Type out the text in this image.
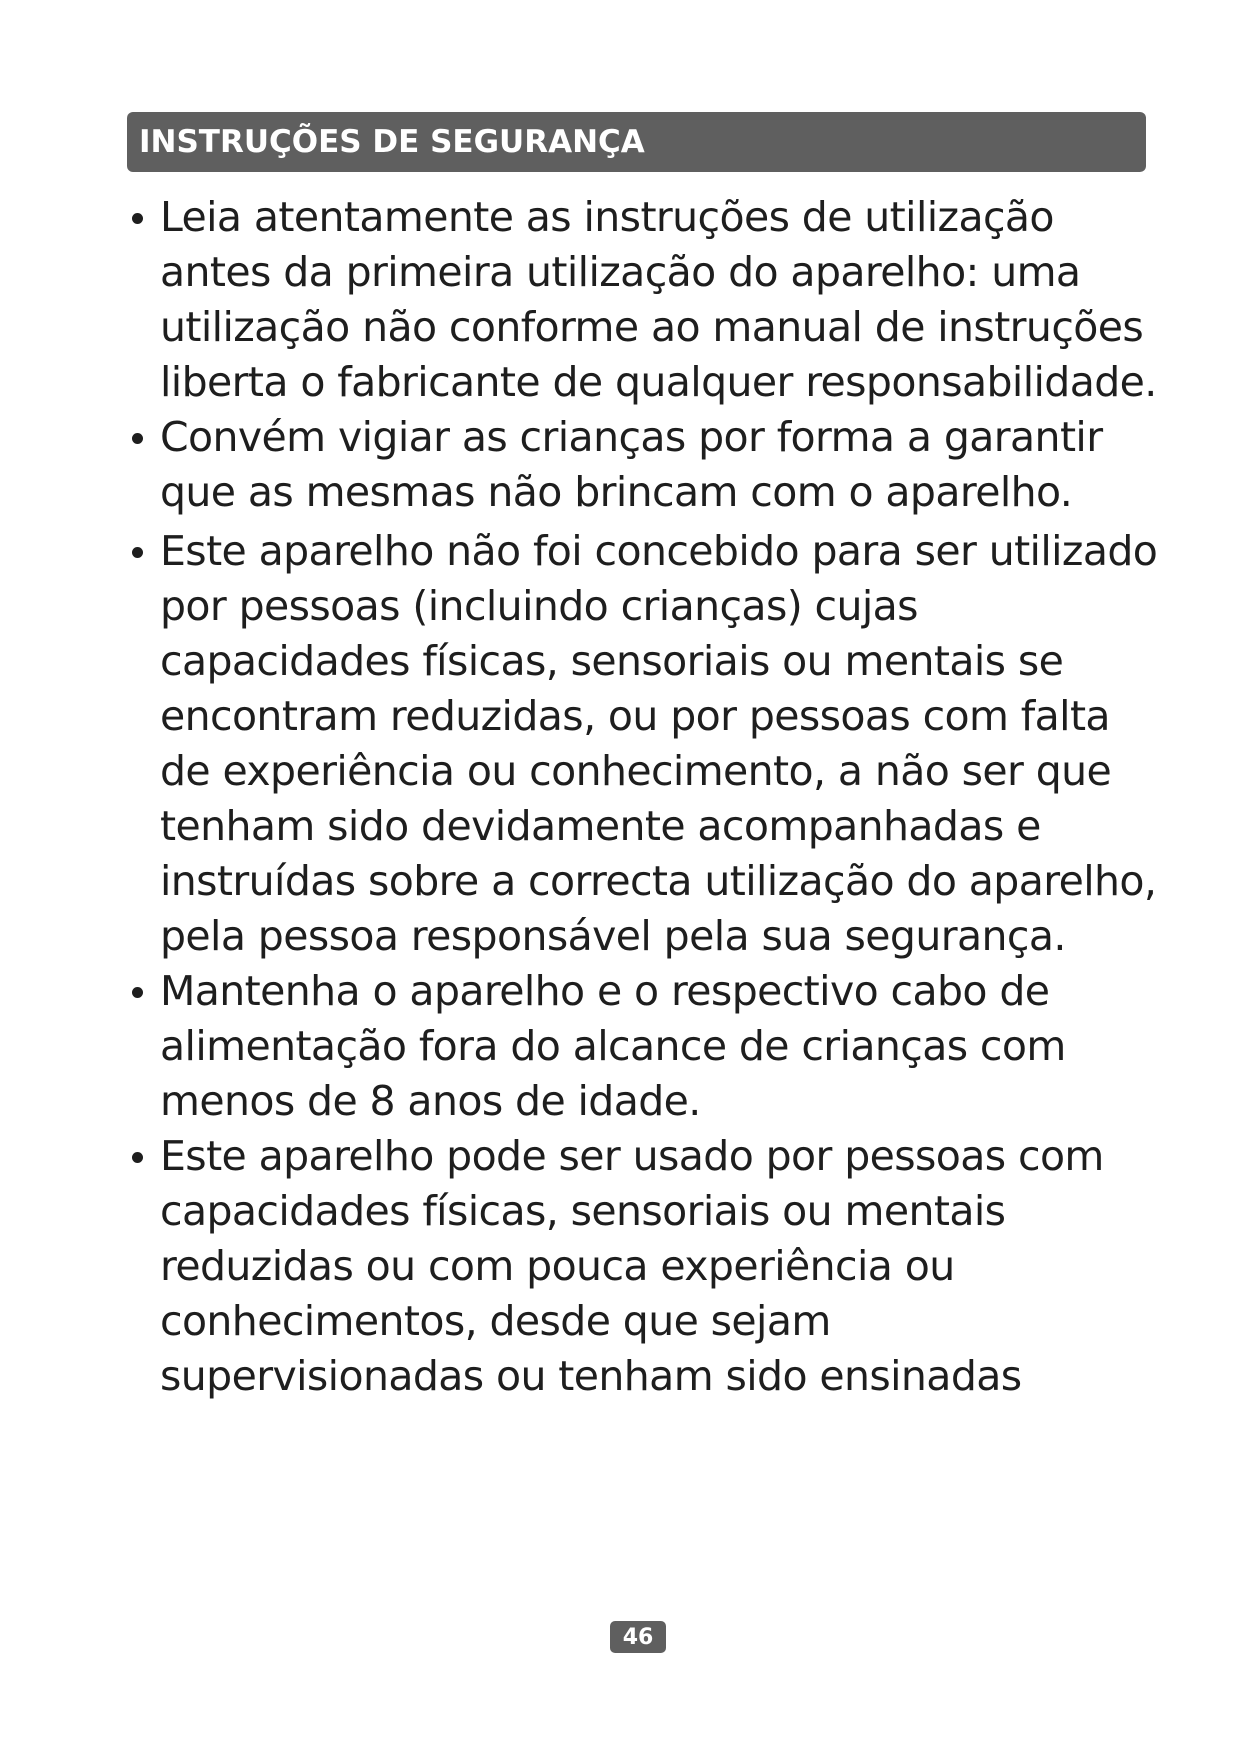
INSTRUÇÕES DE SEGURANÇA
Leia atentamente as instruções de utilização antes da primeira utilização do aparelho: uma utilização não conforme ao manual de instruções liberta o fabricante de qualquer responsabilidade.
Convém vigiar as crianças por forma a garantir que as mesmas não brincam com o aparelho.
Este aparelho não foi concebido para ser utilizado por pessoas (incluindo crianças) cujas capacidades físicas, sensoriais ou mentais se encontram reduzidas, ou por pessoas com falta de experiência ou conhecimento, a não ser que tenham sido devidamente acompanhadas e instruídas sobre a correcta utilização do aparelho, pela pessoa responsável pela sua segurança.
Mantenha o aparelho e o respectivo cabo de alimentação fora do alcance de crianças com menos de 8 anos de idade.
Este aparelho pode ser usado por pessoas com capacidades físicas, sensoriais ou mentais reduzidas ou com pouca experiência ou conhecimentos, desde que sejam supervisionadas ou tenham sido ensinadas
46
